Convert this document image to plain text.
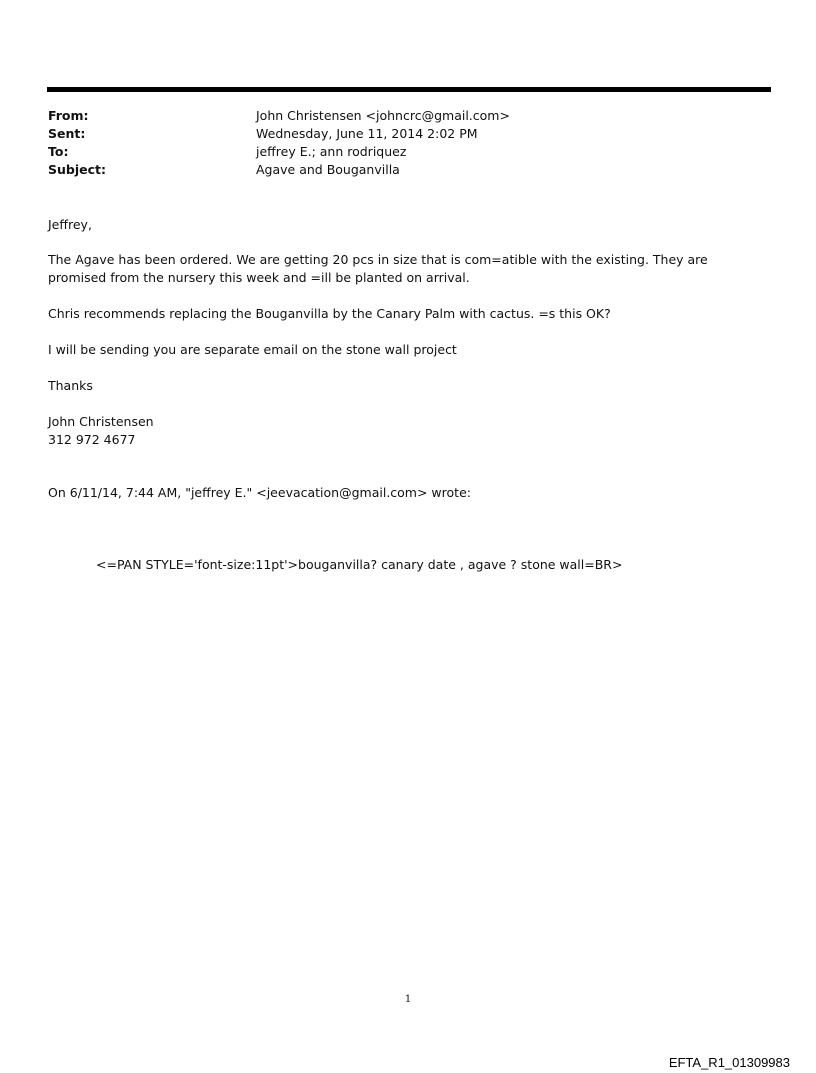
From:	John Christensen <johncrc@gmail.com>
Sent:	Wednesday, June 11, 2014 2:02 PM
To:	jeffrey E.; ann rodriquez
Subject:	Agave and Bouganvilla

Jeffrey,

The Agave has been ordered. We are getting 20 pcs in size that is com=atible with the existing. They are promised from the nursery this week and =ill be planted on arrival.

Chris recommends replacing the Bouganvilla by the Canary Palm with cactus. =s this OK?

I will be sending you are separate email on the stone wall project

Thanks

John Christensen

312 972 4677

On 6/11/14, 7:44 AM, "jeffrey E." <jeevacation@gmail.com> wrote:

<=PAN STYLE='font-size:11pt'>bouganvilla? canary date , agave ? stone wall=BR>

1
EFTA_R1_01309983
